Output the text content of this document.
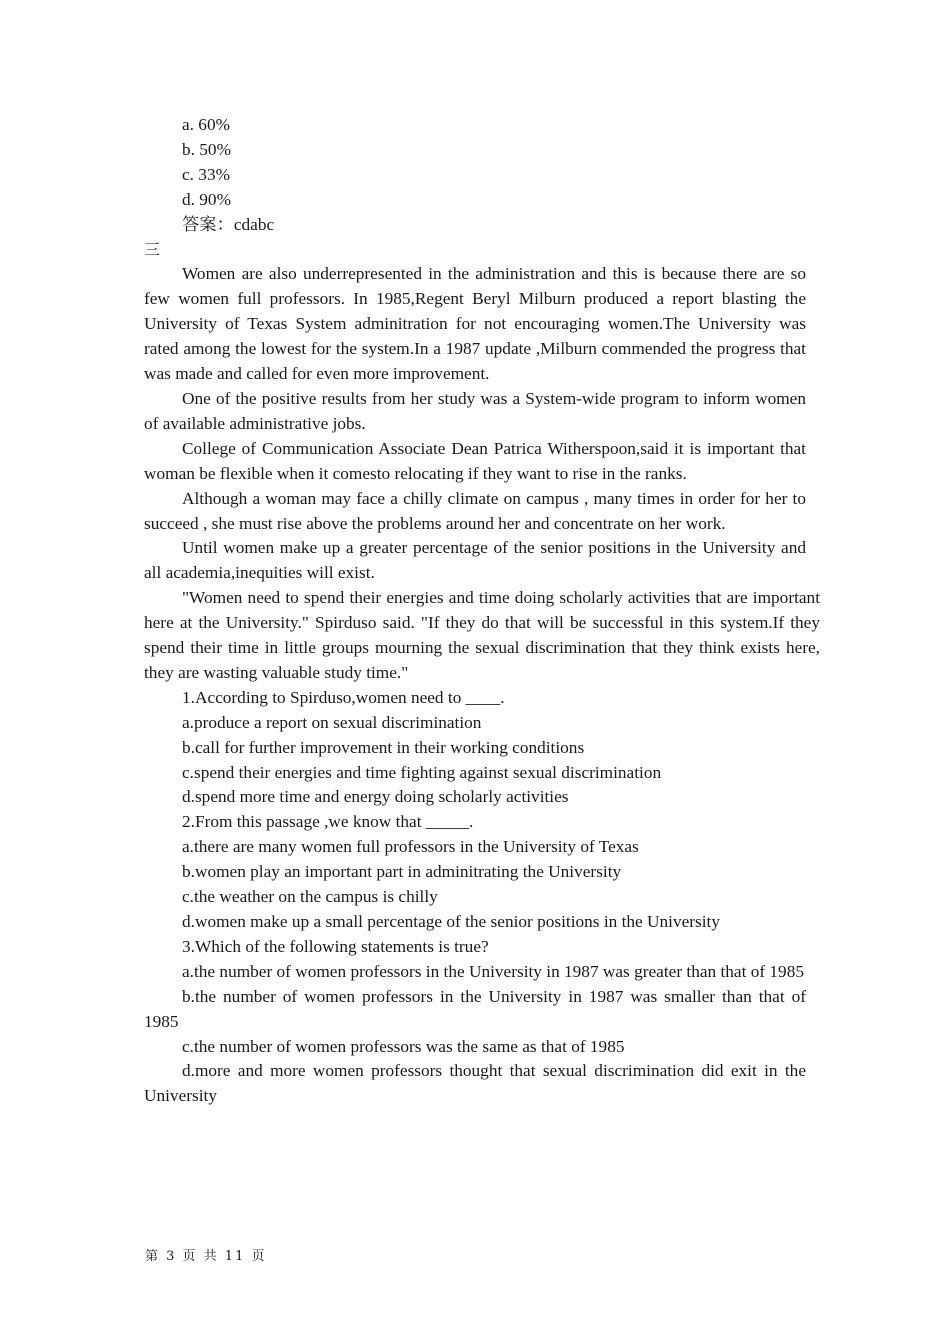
a. 60%
b. 50%
c. 33%
d. 90%
答案：cdabc
三
Women are also underrepresented in the administration and this is because there are so few women full professors. In 1985,Regent Beryl Milburn produced a report blasting the University of Texas System adminitration for not encouraging women.The University was rated among the lowest for the system.In a 1987 update ,Milburn commended the progress that was made and called for even more improvement.
One of the positive results from her study was a System-wide program to inform women of available administrative jobs.
College of Communication Associate Dean Patrica Witherspoon,said it is important that woman be flexible when it comesto relocating if they want to rise in the ranks.
Although a woman may face a chilly climate on campus , many times in order for her to succeed , she must rise above the problems around her and concentrate on her work.
Until women make up a greater percentage of the senior positions in the University and all academia,inequities will exist.
"Women need to spend their energies and time doing scholarly activities that are important here at the University." Spirduso said. "If they do that will be successful in this system.If they spend their time in little groups mourning the sexual discrimination that they think exists here, they are wasting valuable study time."
1.According to Spirduso,women need to ____.
a.produce a report on sexual discrimination
b.call for further improvement in their working conditions
c.spend their energies and time fighting against sexual discrimination
d.spend more time and energy doing scholarly activities
2.From this passage ,we know that _____.
a.there are many women full professors in the University of Texas
b.women play an important part in adminitrating the University
c.the weather on the campus is chilly
d.women make up a small percentage of the senior positions in the University
3.Which of the following statements is true?
a.the number of women professors in the University in 1987 was greater than that of 1985
b.the number of women professors in the University in 1987 was smaller than that of 1985
c.the number of women professors was the same as that of 1985
d.more and more women professors thought that sexual discrimination did exit in the University
第 3 页 共 11 页
